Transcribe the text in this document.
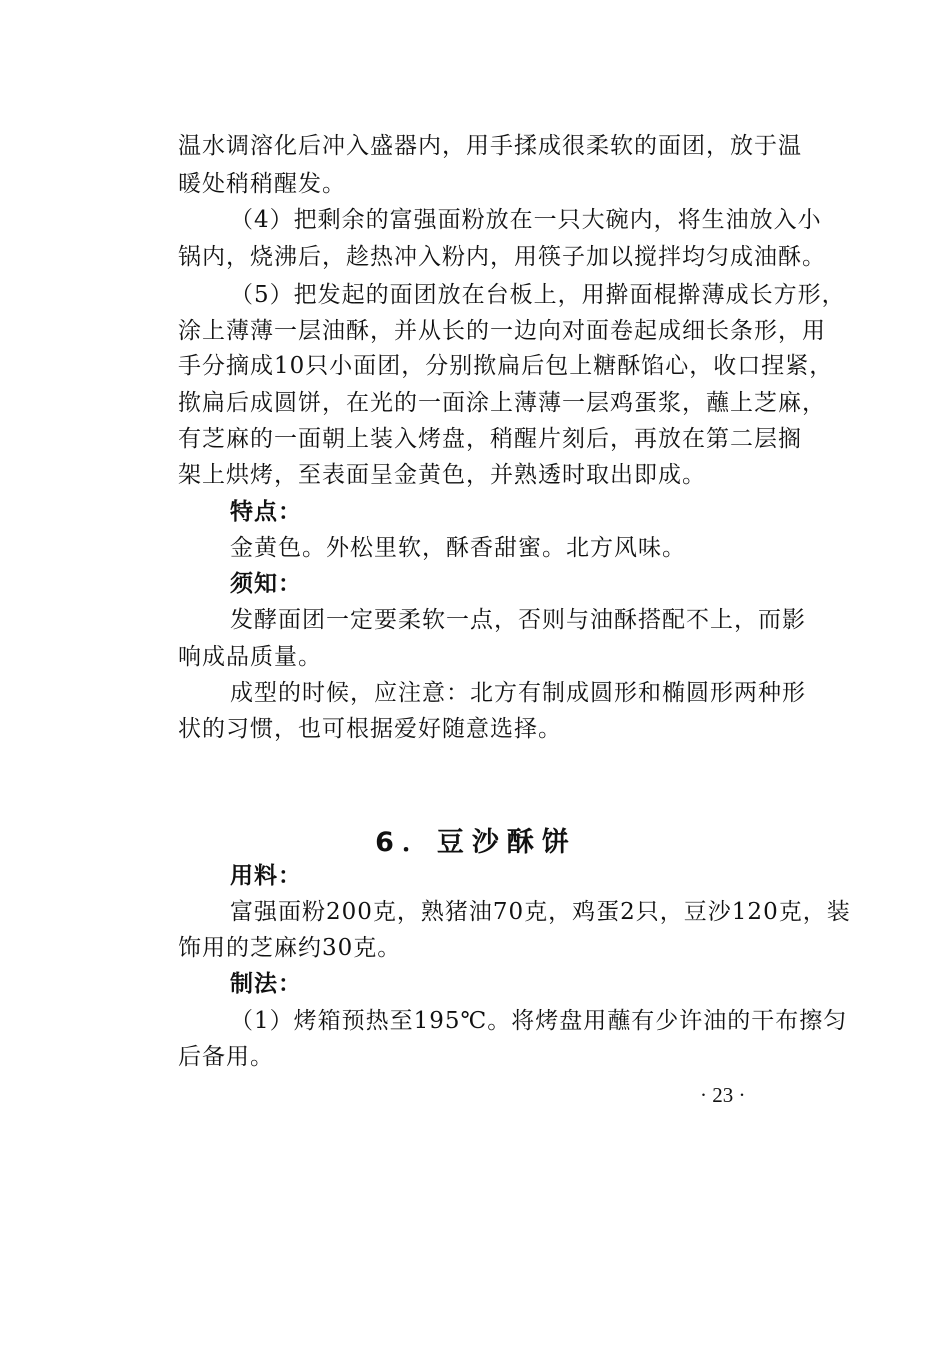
温水调溶化后冲入盛器内，用手揉成很柔软的面团，放于温
暖处稍稍醒发。
（4）把剩余的富强面粉放在一只大碗内，将生油放入小
锅内，烧沸后，趁热冲入粉内，用筷子加以搅拌均匀成油酥。
（5）把发起的面团放在台板上，用擀面棍擀薄成长方形，
涂上薄薄一层油酥，并从长的一边向对面卷起成细长条形，用
手分摘成10只小面团，分别揿扁后包上糖酥馅心，收口捏紧，
揿扁后成圆饼，在光的一面涂上薄薄一层鸡蛋浆，蘸上芝麻，
有芝麻的一面朝上装入烤盘，稍醒片刻后，再放在第二层搁
架上烘烤，至表面呈金黄色，并熟透时取出即成。
特点：
金黄色。外松里软，酥香甜蜜。北方风味。
须知：
发酵面团一定要柔软一点，否则与油酥搭配不上，而影
响成品质量。
成型的时候，应注意：北方有制成圆形和椭圆形两种形
状的习惯，也可根据爱好随意选择。
6．豆沙酥饼
用料：
富强面粉200克，熟猪油70克，鸡蛋2只，豆沙120克，装
饰用的芝麻约30克。
制法：
（1）烤箱预热至195℃。将烤盘用蘸有少许油的干布擦匀
后备用。
· 23 ·
